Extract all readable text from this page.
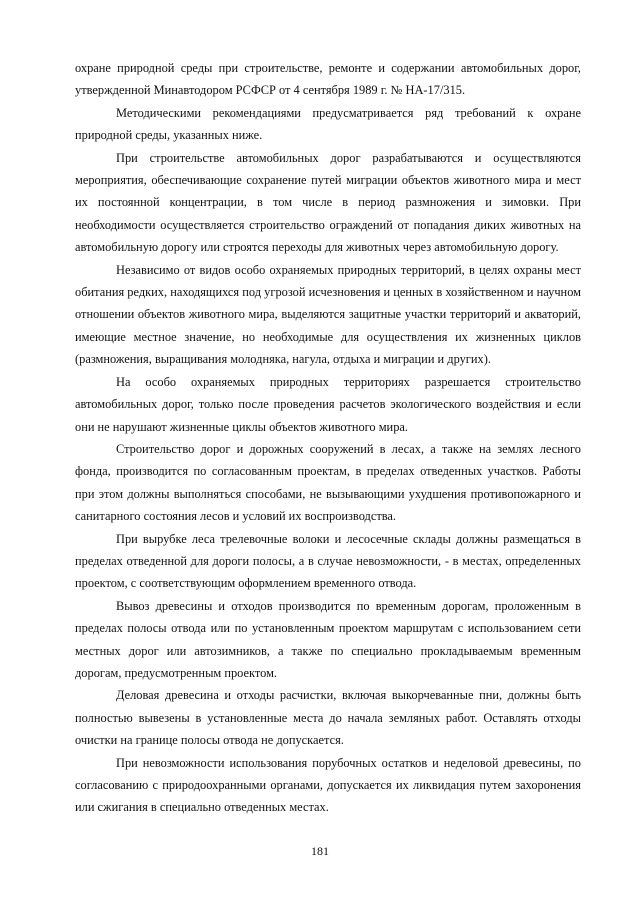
охране природной среды при строительстве, ремонте и содержании автомобильных дорог, утвержденной Минавтодором РСФСР от 4 сентября 1989 г. № НА-17/315.

Методическими рекомендациями предусматривается ряд требований к охране природной среды, указанных ниже.

При строительстве автомобильных дорог разрабатываются и осуществляются мероприятия, обеспечивающие сохранение путей миграции объектов животного мира и мест их постоянной концентрации, в том числе в период размножения и зимовки. При необходимости осуществляется строительство ограждений от попадания диких животных на автомобильную дорогу или строятся переходы для животных через автомобильную дорогу.

Независимо от видов особо охраняемых природных территорий, в целях охраны мест обитания редких, находящихся под угрозой исчезновения и ценных в хозяйственном и научном отношении объектов животного мира, выделяются защитные участки территорий и акваторий, имеющие местное значение, но необходимые для осуществления их жизненных циклов (размножения, выращивания молодняка, нагула, отдыха и миграции и других).

На особо охраняемых природных территориях разрешается строительство автомобильных дорог, только после проведения расчетов экологического воздействия и если они не нарушают жизненные циклы объектов животного мира.

Строительство дорог и дорожных сооружений в лесах, а также на землях лесного фонда, производится по согласованным проектам, в пределах отведенных участков. Работы при этом должны выполняться способами, не вызывающими ухудшения противопожарного и санитарного состояния лесов и условий их воспроизводства.

При вырубке леса трелевочные волоки и лесосечные склады должны размещаться в пределах отведенной для дороги полосы, а в случае невозможности, - в местах, определенных проектом, с соответствующим оформлением временного отвода.

Вывоз древесины и отходов производится по временным дорогам, проложенным в пределах полосы отвода или по установленным проектом маршрутам с использованием сети местных дорог или автозимников, а также по специально прокладываемым временным дорогам, предусмотренным проектом.

Деловая древесина и отходы расчистки, включая выкорчеванные пни, должны быть полностью вывезены в установленные места до начала земляных работ. Оставлять отходы очистки на границе полосы отвода не допускается.

При невозможности использования порубочных остатков и неделовой древесины, по согласованию с природоохранными органами, допускается их ликвидация путем захоронения или сжигания в специально отведенных местах.

181
